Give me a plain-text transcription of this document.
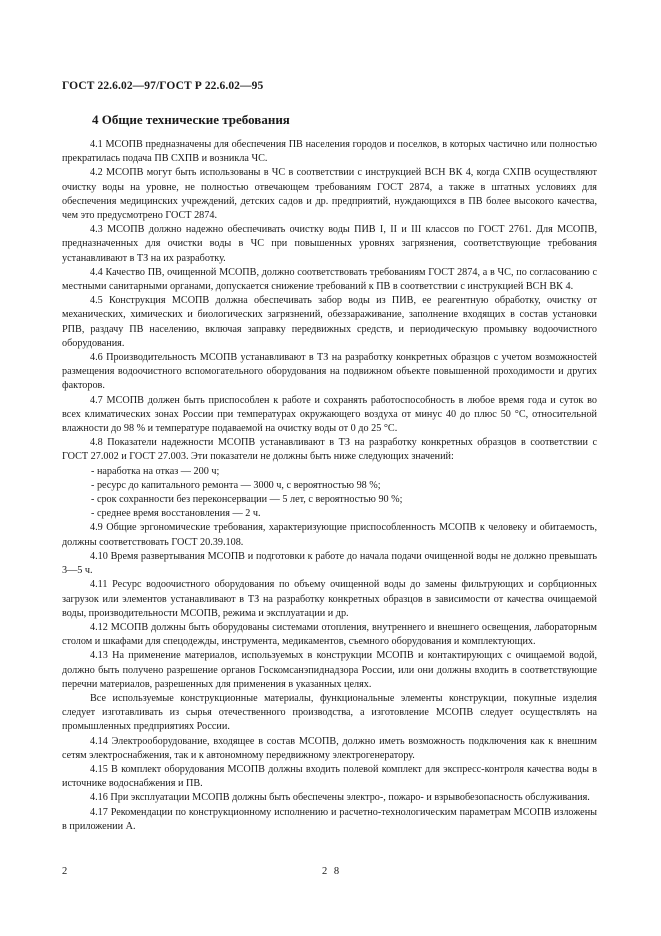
ГОСТ 22.6.02—97/ГОСТ Р 22.6.02—95
4 Общие технические требования

4.1 МСОПВ предназначены для обеспечения ПВ населения городов и поселков, в которых частично или полностью прекратилась подача ПВ СХПВ и возникла ЧС.

4.2 МСОПВ могут быть использованы в ЧС в соответствии с инструкцией ВСН ВК 4, когда СХПВ осуществляют очистку воды на уровне, не полностью отвечающем требованиям ГОСТ 2874, а также в штатных условиях для обеспечения медицинских учреждений, детских садов и др. предприятий, нуждающихся в ПВ более высокого качества, чем это предусмотрено ГОСТ 2874.

4.3 МСОПВ должно надежно обеспечивать очистку воды ПИВ I, II и III классов по ГОСТ 2761. Для МСОПВ, предназначенных для очистки воды в ЧС при повышенных уровнях загрязнения, соответствующие требования устанавливают в ТЗ на их разработку.

4.4 Качество ПВ, очищенной МСОПВ, должно соответствовать требованиям ГОСТ 2874, а в ЧС, по согласованию с местными санитарными органами, допускается снижение требований к ПВ в соответствии с инструкцией ВСН ВК 4.

4.5 Конструкция МСОПВ должна обеспечивать забор воды из ПИВ, ее реагентную обработку, очистку от механических, химических и биологических загрязнений, обеззараживание, заполнение входящих в состав установки РПВ, раздачу ПВ населению, включая заправку передвижных средств, и периодическую промывку водоочистного оборудования.

4.6 Производительность МСОПВ устанавливают в ТЗ на разработку конкретных образцов с учетом возможностей размещения водоочистного вспомогательного оборудования на подвижном объекте повышенной проходимости и других факторов.

4.7 МСОПВ должен быть приспособлен к работе и сохранять работоспособность в любое время года и суток во всех климатических зонах России при температурах окружающего воздуха от минус 40 до плюс 50 °С, относительной влажности до 98 % и температуре подаваемой на очистку воды от 0 до 25 °С.

4.8 Показатели надежности МСОПВ устанавливают в ТЗ на разработку конкретных образцов в соответствии с ГОСТ 27.002 и ГОСТ 27.003. Эти показатели не должны быть ниже следующих значений:

- наработка на отказ — 200 ч;
- ресурс до капитального ремонта — 3000 ч, с вероятностью 98 %;
- срок сохранности без переконсервации — 5 лет, с вероятностью 90 %;
- среднее время восстановления — 2 ч.

4.9 Общие эргономические требования, характеризующие приспособленность МСОПВ к человеку и обитаемость, должны соответствовать ГОСТ 20.39.108.

4.10 Время развертывания МСОПВ и подготовки к работе до начала подачи очищенной воды не должно превышать 3—5 ч.

4.11 Ресурс водоочистного оборудования по объему очищенной воды до замены фильтрующих и сорбционных загрузок или элементов устанавливают в ТЗ на разработку конкретных образцов в зависимости от качества очищаемой воды, производительности МСОПВ, режима и эксплуатации и др.

4.12 МСОПВ должны быть оборудованы системами отопления, внутреннего и внешнего освещения, лабораторным столом и шкафами для спецодежды, инструмента, медикаментов, съемного оборудования и комплектующих.

4.13 На применение материалов, используемых в конструкции МСОПВ и контактирующих с очищаемой водой, должно быть получено разрешение органов Госкомсанэпиднадзора России, или они должны входить в соответствующие перечни материалов, разрешенных для применения в указанных целях.

Все используемые конструкционные материалы, функциональные элементы конструкции, покупные изделия следует изготавливать из сырья отечественного производства, а изготовление МСОПВ следует осуществлять на промышленных предприятиях России.

4.14 Электрооборудование, входящее в состав МСОПВ, должно иметь возможность подключения как к внешним сетям электроснабжения, так и к автономному передвижному электрогенератору.

4.15 В комплект оборудования МСОПВ должны входить полевой комплект для экспресс-контроля качества воды в источнике водоснабжения и ПВ.

4.16 При эксплуатации МСОПВ должны быть обеспечены электро-, пожаро- и взрывобезопасность обслуживания.

4.17 Рекомендации по конструкционному исполнению и расчетно-технологическим параметрам МСОПВ изложены в приложении А.

2	2 8
